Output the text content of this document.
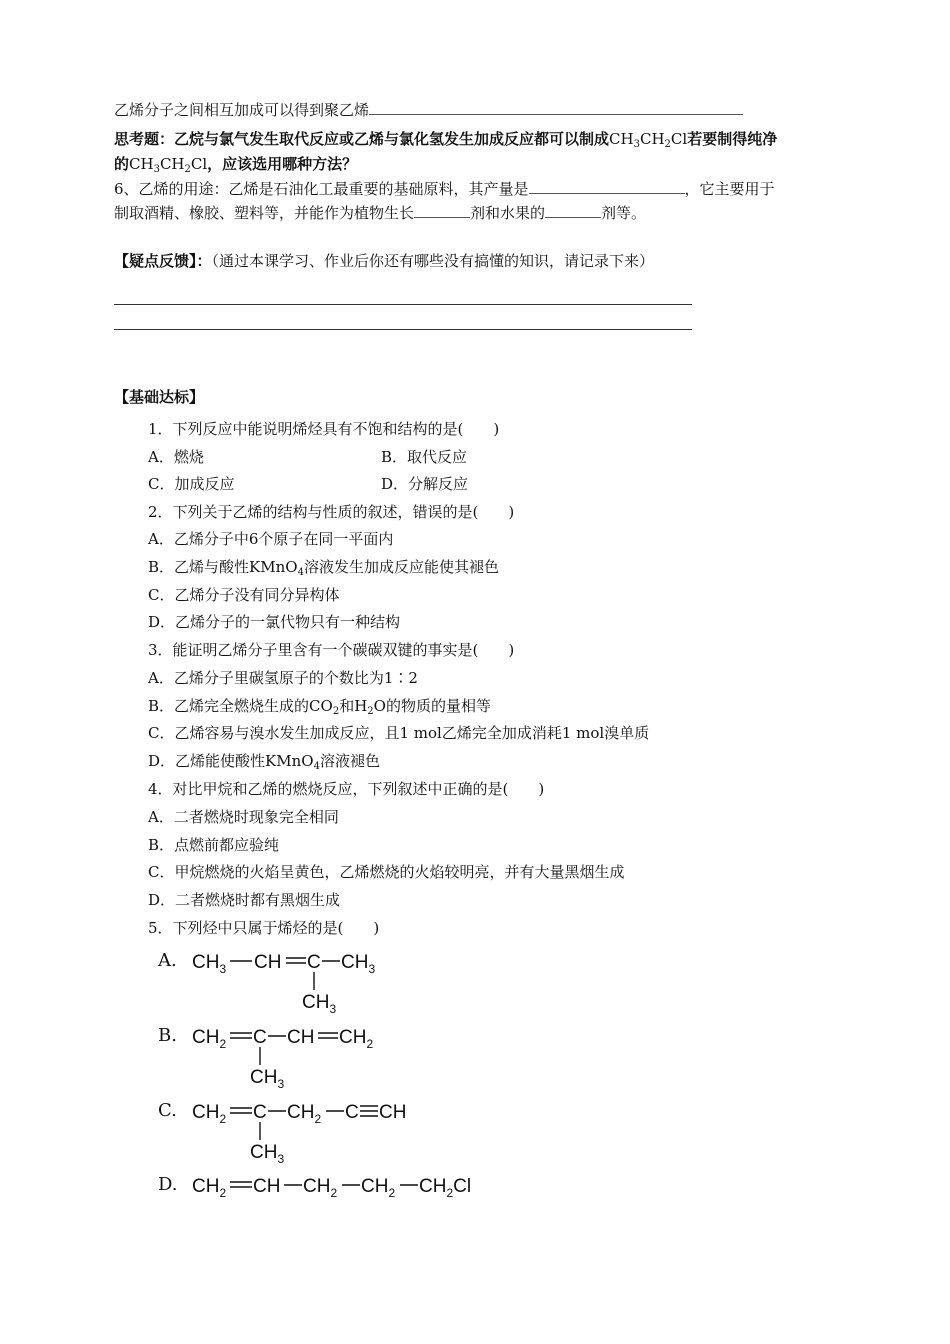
乙烯分子之间相互加成可以得到聚乙烯
思考题：乙烷与氯气发生取代反应或乙烯与氯化氢发生加成反应都可以制成$CH_3CH_2Cl$若要制得纯净
的$CH_3CH_2Cl$，应该选用哪种方法？
6、乙烯的用途：乙烯是石油化工最重要的基础原料，其产量是	，它主要用于
制取酒精、橡胶、塑料等，并能作为植物生长	剂和水果的	剂等。
【疑点反馈】：（通过本课学习、作业后你还有哪些没有搞懂的知识，请记录下来）
【基础达标】
1．下列反应中能说明烯烃具有不饱和结构的是(　　)
A．燃烧	B．取代反应
C．加成反应	D．分解反应
2．下列关于乙烯的结构与性质的叙述，错误的是(　　)
A．乙烯分子中6个原子在同一平面内
B．乙烯与酸性KMnO$_4$溶液发生加成反应能使其褪色
C．乙烯分子没有同分异构体
D．乙烯分子的一氯代物只有一种结构
3．能证明乙烯分子里含有一个碳碳双键的事实是(　　)
A．乙烯分子里碳氢原子的个数比为1∶2
B．乙烯完全燃烧生成的$CO_2$和$H_2O$的物质的量相等
C．乙烯容易与溴水发生加成反应，且1 mol乙烯完全加成消耗1 mol溴单质
D．乙烯能使酸性KMnO$_4$溶液褪色
4．对比甲烷和乙烯的燃烧反应，下列叙述中正确的是(　　)
A．二者燃烧时现象完全相同
B．点燃前都应验纯
C．甲烷燃烧的火焰呈黄色，乙烯燃烧的火焰较明亮，并有大量黑烟生成
D．二者燃烧时都有黑烟生成
5．下列烃中只属于烯烃的是(　　)
A. $CH_3$ CH C $CH_3$
$CH_3$
B. $CH_2$ C CH $CH_2$
$CH_3$
C. $CH_2$ C $CH_2$ C CH
$CH_3$
D. $CH_2$ CH $CH_2$ $CH_2$ $CH_2Cl$
